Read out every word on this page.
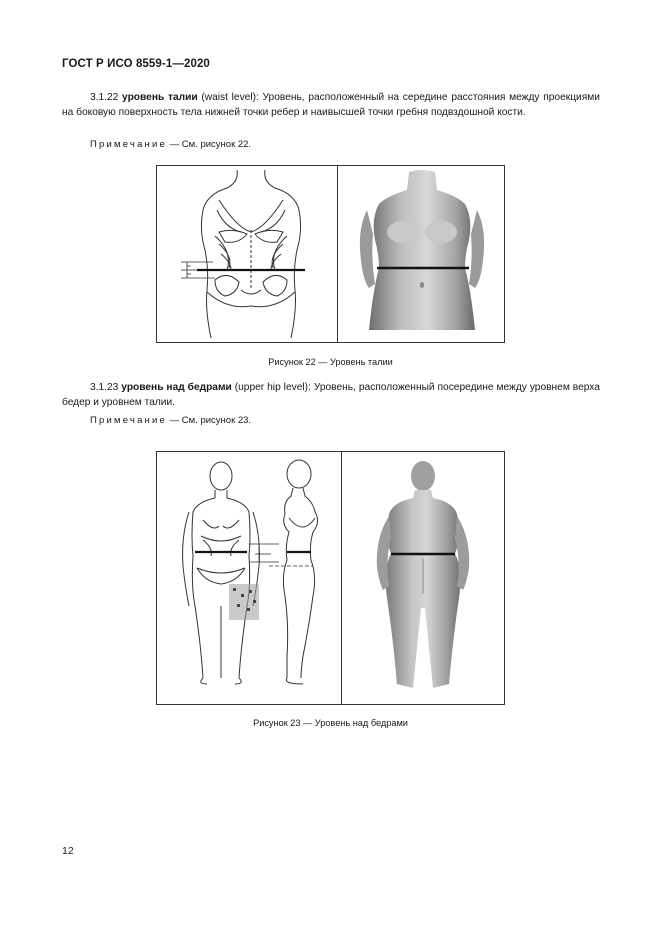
ГОСТ Р ИСО 8559-1—2020
3.1.22 уровень талии (waist level): Уровень, расположенный на середине расстояния между проекциями на боковую поверхность тела нижней точки ребер и наивысшей точки гребня подвздошной кости.
Примечание — См. рисунок 22.
Рисунок 22 — Уровень талии
3.1.23 уровень над бедрами (upper hip level): Уровень, расположенный посередине между уровнем верха бедер и уровнем талии.
Примечание — См. рисунок 23.
Рисунок 23 — Уровень над бедрами
12
